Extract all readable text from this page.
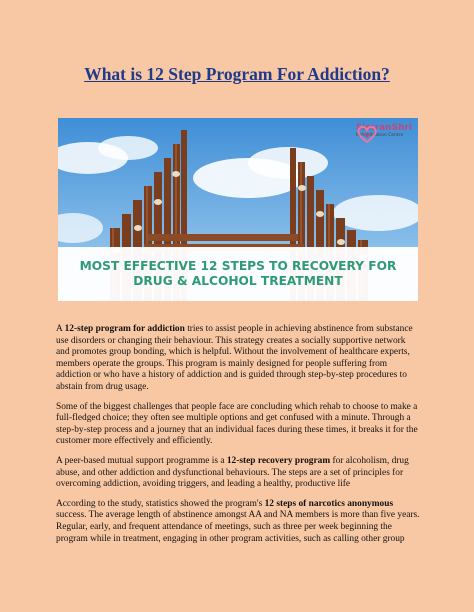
What is 12 Step Program For Addiction?
SimranShri
Rehabilitation Centre
MOST EFFECTIVE 12 STEPS TO RECOVERY FOR
DRUG & ALCOHOL TREATMENT

A 12-step program for addiction tries to assist people in achieving abstinence from substance use disorders or changing their behaviour. This strategy creates a socially supportive network and promotes group bonding, which is helpful. Without the involvement of healthcare experts, members operate the groups. This program is mainly designed for people suffering from addiction or who have a history of addiction and is guided through step-by-step procedures to abstain from drug usage.

Some of the biggest challenges that people face are concluding which rehab to choose to make a full-fledged choice; they often see multiple options and get confused with a minute. Through a step-by-step process and a journey that an individual faces during these times, it breaks it for the customer more effectively and efficiently.

A peer-based mutual support programme is a 12-step recovery program for alcoholism, drug abuse, and other addiction and dysfunctional behaviours. The steps are a set of principles for overcoming addiction, avoiding triggers, and leading a healthy, productive life

According to the study, statistics showed the program's 12 steps of narcotics anonymous success. The average length of abstinence amongst AA and NA members is more than five years. Regular, early, and frequent attendance of meetings, such as three per week beginning the program while in treatment, engaging in other program activities, such as calling other group
